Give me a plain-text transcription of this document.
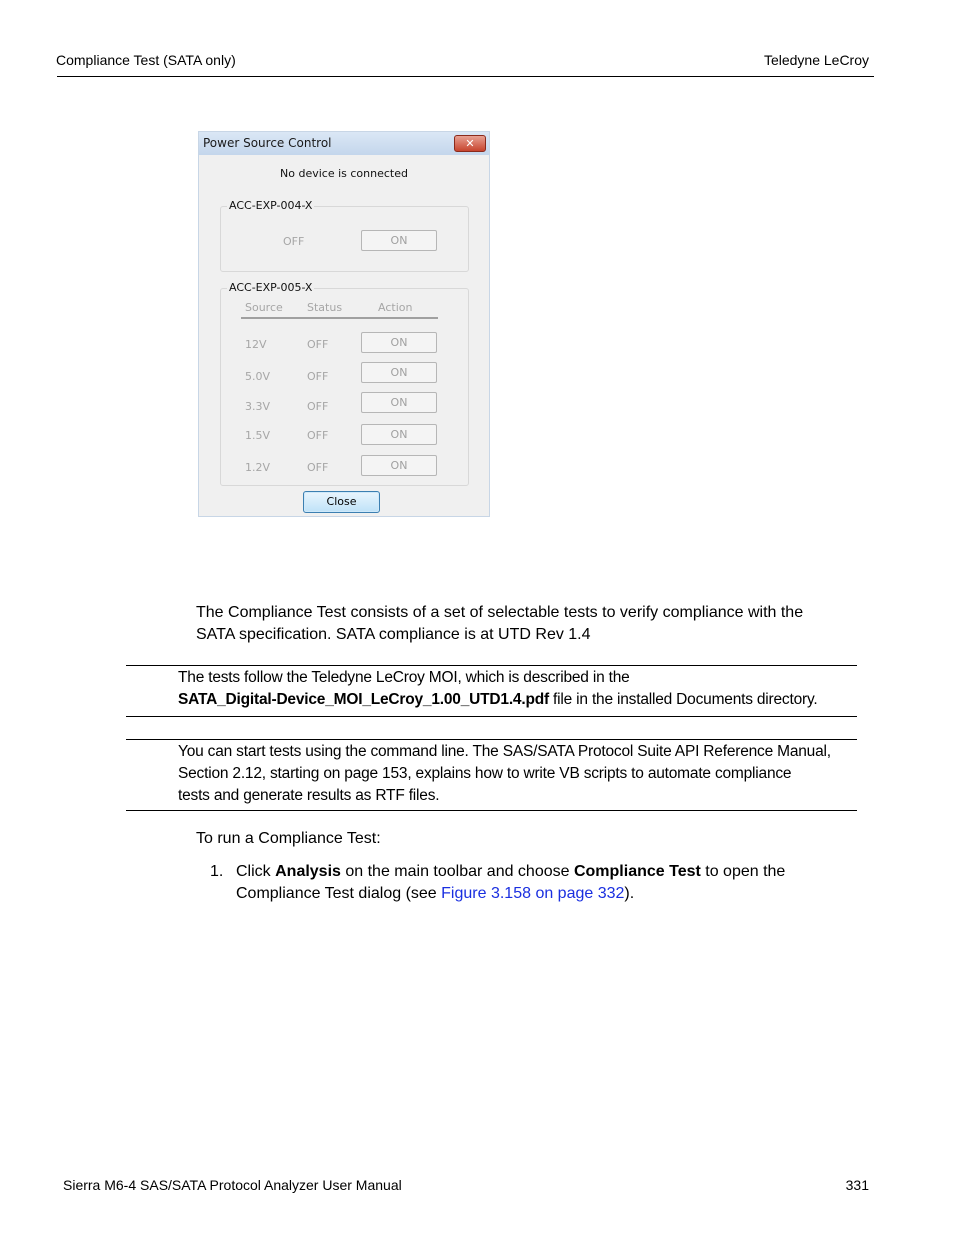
Compliance Test (SATA only)	Teledyne LeCroy
Power Source Control	✕
No device is connected
ACC-EXP-004-X
OFF	ON
ACC-EXP-005-X
Source Status	Action
12V	OFF	ON
5.0V	OFF	ON
3.3V	OFF	ON
1.5V	OFF	ON
1.2V	OFF	ON
Close
The Compliance Test consists of a set of selectable tests to verify compliance with the
SATA specification. SATA compliance is at UTD Rev 1.4
The tests follow the Teledyne LeCroy MOI, which is described in the
SATA_Digital-Device_MOI_LeCroy_1.00_UTD1.4.pdf file in the installed Documents directory.
You can start tests using the command line. The SAS/SATA Protocol Suite API Reference Manual,
Section 2.12, starting on page 153, explains how to write VB scripts to automate compliance
tests and generate results as RTF files.
To run a Compliance Test:
1. Click Analysis on the main toolbar and choose Compliance Test to open the
Compliance Test dialog (see Figure 3.158 on page 332).
Sierra M6-4 SAS/SATA Protocol Analyzer User Manual	331
